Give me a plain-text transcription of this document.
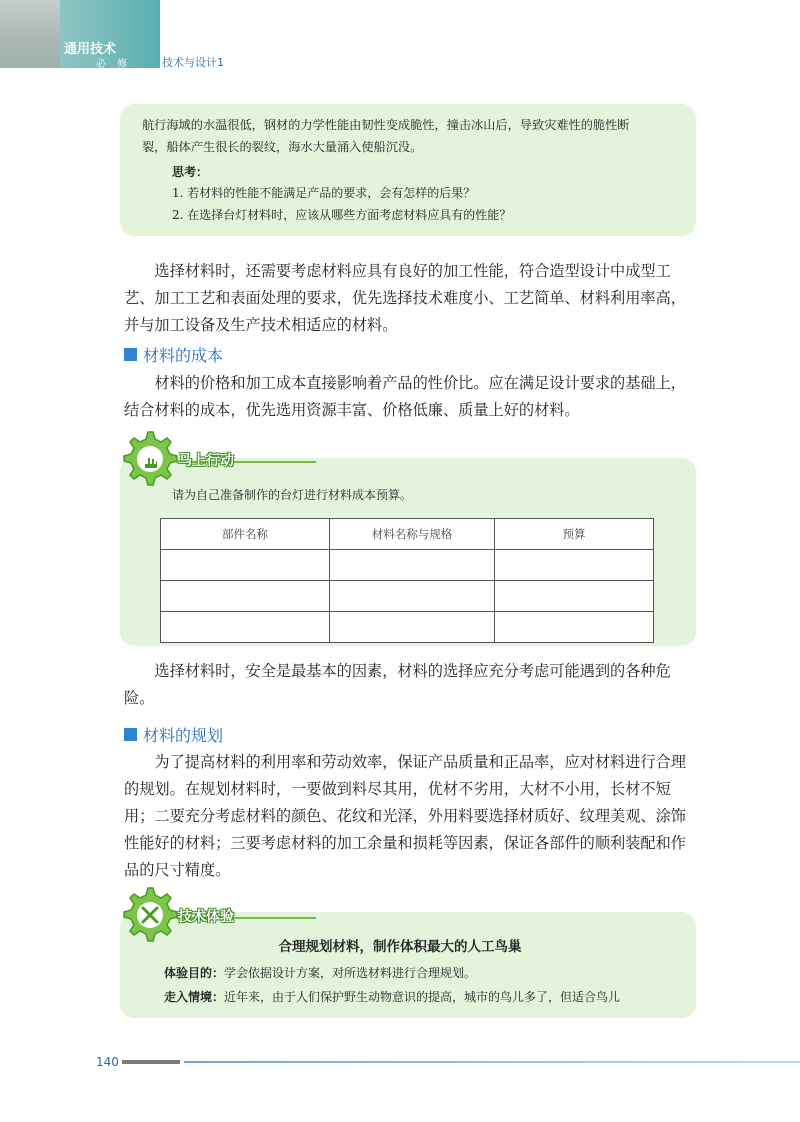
通用技术
必 修	技术与设计1
航行海域的水温很低，钢材的力学性能由韧性变成脆性，撞击冰山后，导致灾难性的脆性断
裂，船体产生很长的裂纹，海水大量涌入使船沉没。
思考：
1. 若材料的性能不能满足产品的要求，会有怎样的后果？
2. 在选择台灯材料时，应该从哪些方面考虑材料应具有的性能？
选择材料时，还需要考虑材料应具有良好的加工性能，符合造型设计中成型工艺、加工工艺和表面处理的要求，优先选择技术难度小、工艺简单、材料利用率高，并与加工设备及生产技术相适应的材料。
材料的成本
材料的价格和加工成本直接影响着产品的性价比。应在满足设计要求的基础上，结合材料的成本，优先选用资源丰富、价格低廉、质量上好的材料。
请为自己准备制作的台灯进行材料成本预算。
马上行动
部件名称	材料名称与规格	预算

选择材料时，安全是最基本的因素，材料的选择应充分考虑可能遇到的各种危险。
材料的规划
为了提高材料的利用率和劳动效率，保证产品质量和正品率，应对材料进行合理的规划。在规划材料时，一要做到料尽其用，优材不劣用，大材不小用，长材不短用；二要充分考虑材料的颜色、花纹和光泽，外用料要选择材质好、纹理美观、涂饰性能好的材料；三要考虑材料的加工余量和损耗等因素，保证各部件的顺利装配和作品的尺寸精度。
技术体验
合理规划材料，制作体积最大的人工鸟巢
体验目的：学会依据设计方案，对所选材料进行合理规划。
走入情境：近年来，由于人们保护野生动物意识的提高，城市的鸟儿多了，但适合鸟儿
140
